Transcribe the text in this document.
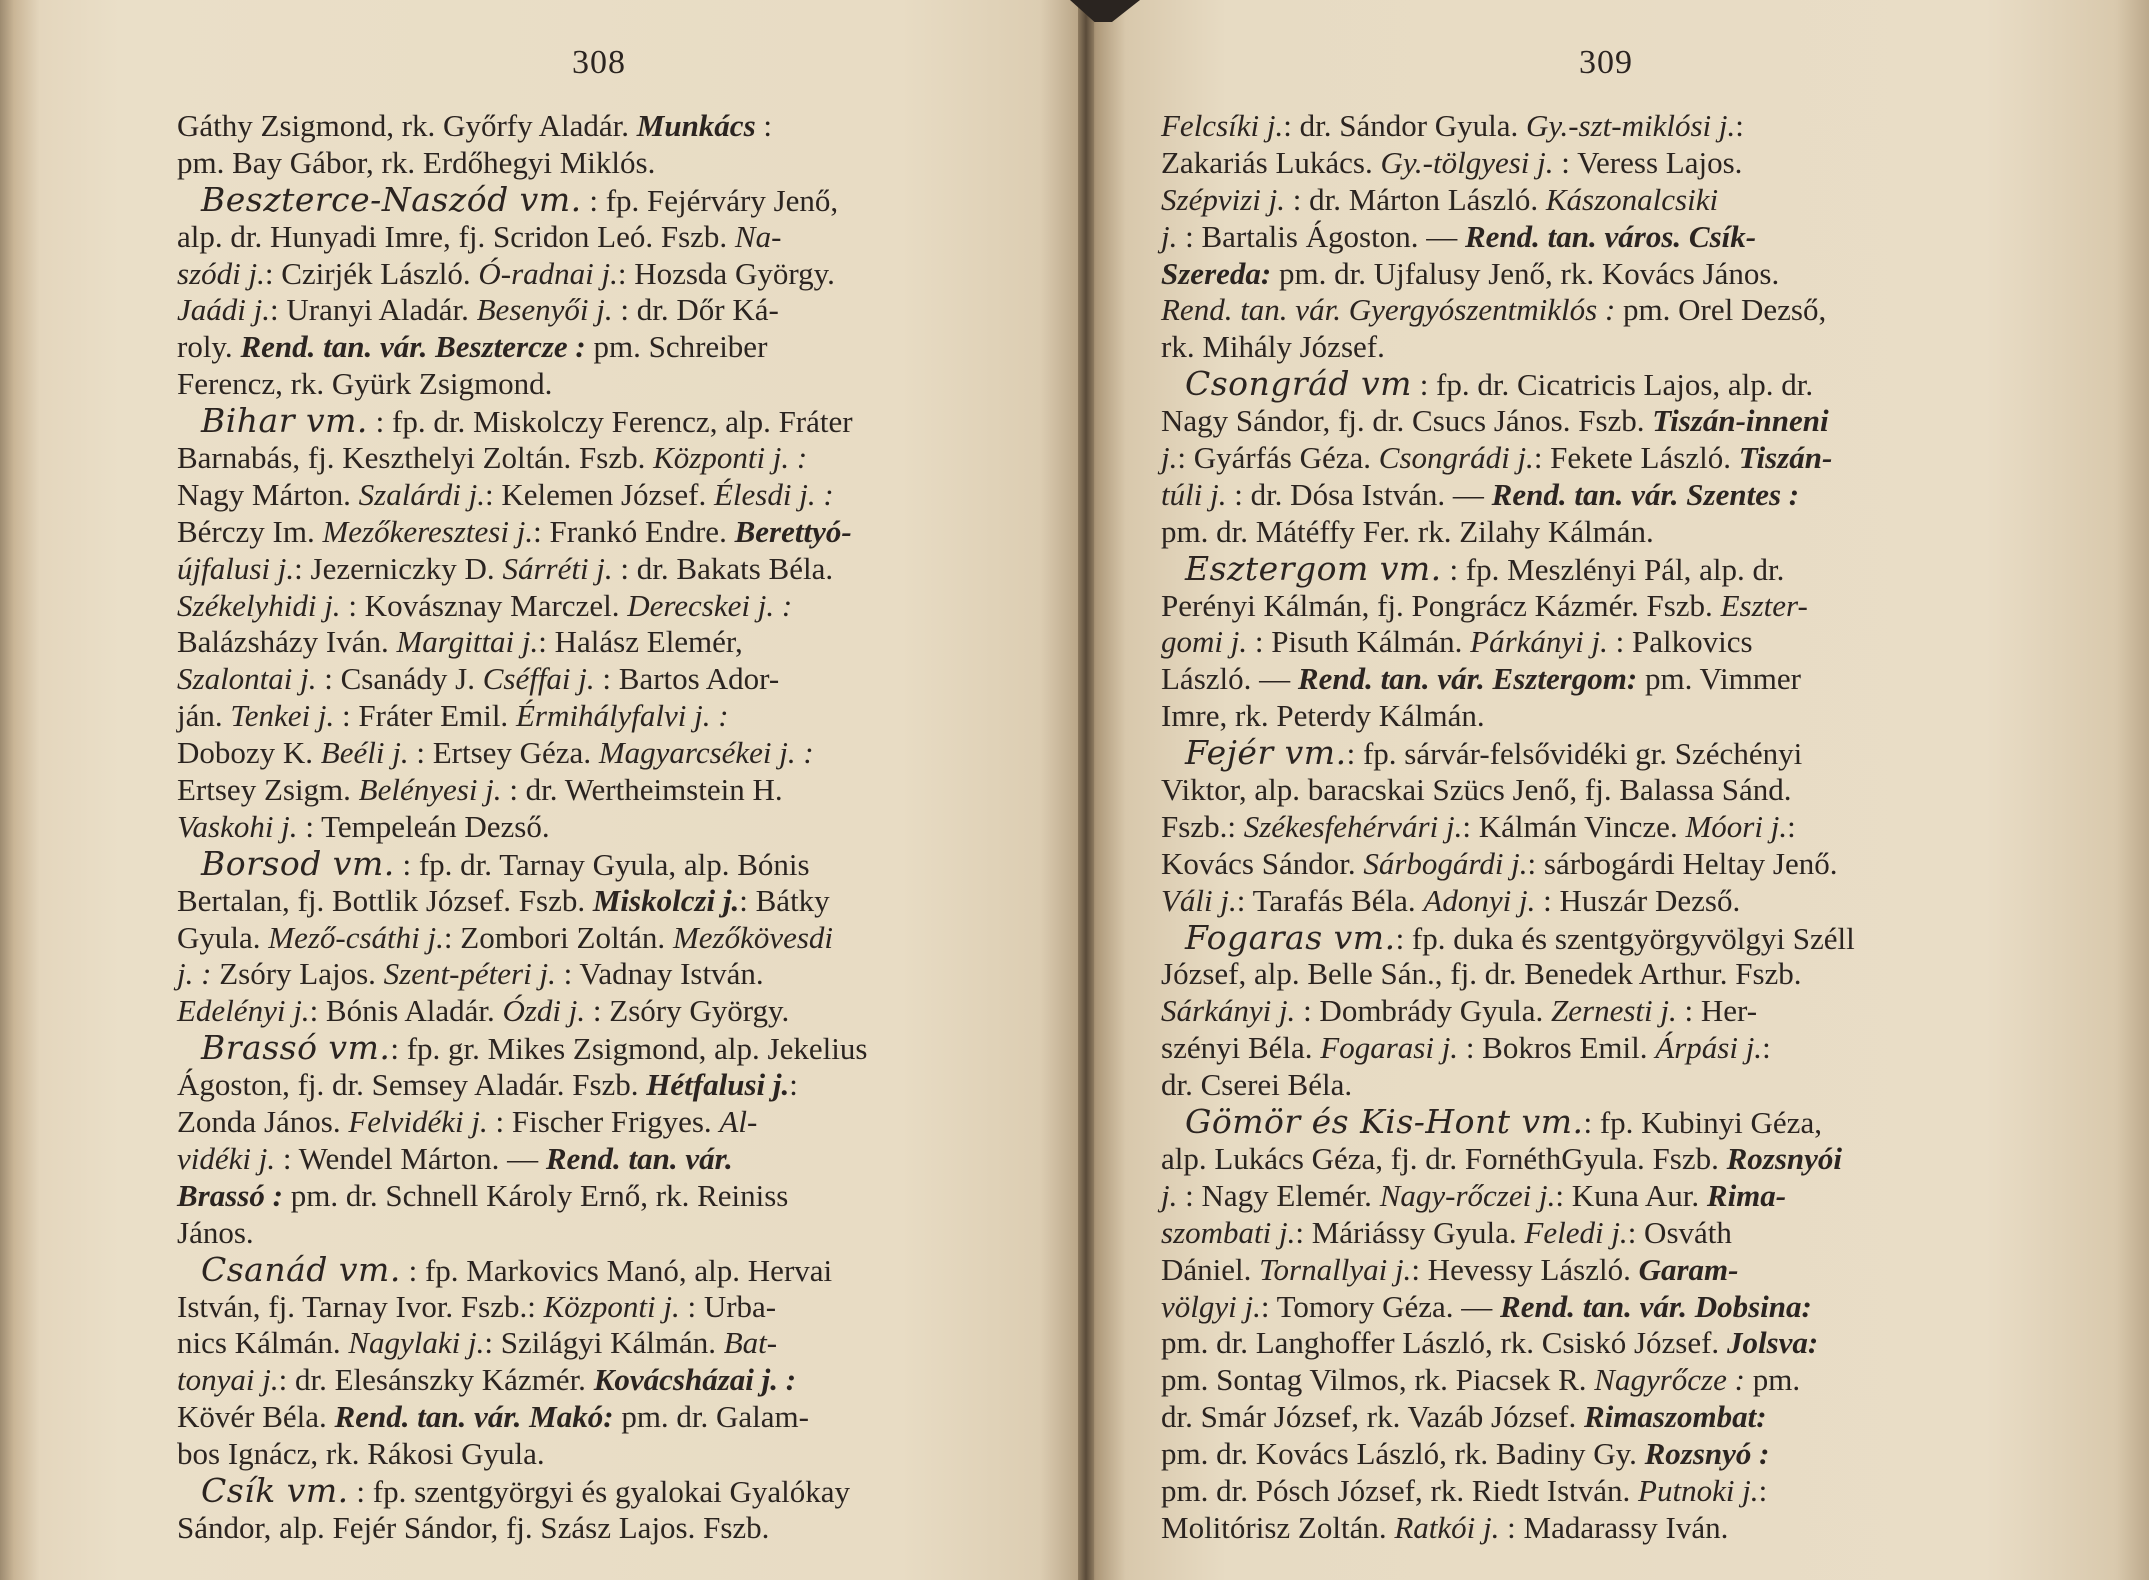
308
Gáthy Zsigmond, rk. Győrfy Aladár. Munkács :
pm. Bay Gábor, rk. Erdőhegyi Miklós.
Beszterce-Naszód vm. : fp. Fejérváry Jenő,
alp. dr. Hunyadi Imre, fj. Scridon Leó. Fszb. Na-
szódi j.: Czirjék László. Ó-radnai j.: Hozsda György.
Jaádi j.: Uranyi Aladár. Besenyői j. : dr. Dőr Ká-
roly. Rend. tan. vár. Besztercze : pm. Schreiber
Ferencz, rk. Gyürk Zsigmond.
Bihar vm. : fp. dr. Miskolczy Ferencz, alp. Fráter
Barnabás, fj. Keszthelyi Zoltán. Fszb. Központi j. :
Nagy Márton. Szalárdi j.: Kelemen József. Élesdi j. :
Bérczy Im. Mezőkeresztesi j.: Frankó Endre. Berettyó-
újfalusi j.: Jezerniczky D. Sárréti j. : dr. Bakats Béla.
Székelyhidi j. : Kovásznay Marczel. Derecskei j. :
Balázsházy Iván. Margittai j.: Halász Elemér,
Szalontai j. : Csanády J. Cséffai j. : Bartos Ador-
ján. Tenkei j. : Fráter Emil. Érmihályfalvi j. :
Dobozy K. Beéli j. : Ertsey Géza. Magyarcsékei j. :
Ertsey Zsigm. Belényesi j. : dr. Wertheimstein H.
Vaskohi j. : Tempeleán Dezső.
Borsod vm. : fp. dr. Tarnay Gyula, alp. Bónis
Bertalan, fj. Bottlik József. Fszb. Miskolczi j.: Bátky
Gyula. Mező-csáthi j.: Zombori Zoltán. Mezőkövesdi
j. : Zsóry Lajos. Szent-péteri j. : Vadnay István.
Edelényi j.: Bónis Aladár. Ózdi j. : Zsóry György.
Brassó vm.: fp. gr. Mikes Zsigmond, alp. Jekelius
Ágoston, fj. dr. Semsey Aladár. Fszb. Hétfalusi j.:
Zonda János. Felvidéki j. : Fischer Frigyes. Al-
vidéki j. : Wendel Márton. — Rend. tan. vár.
Brassó : pm. dr. Schnell Károly Ernő, rk. Reiniss
János.
Csanád vm. : fp. Markovics Manó, alp. Hervai
István, fj. Tarnay Ivor. Fszb.: Központi j. : Urba-
nics Kálmán. Nagylaki j.: Szilágyi Kálmán. Bat-
tonyai j.: dr. Elesánszky Kázmér. Kovácsházai j. :
Kövér Béla. Rend. tan. vár. Makó: pm. dr. Galam-
bos Ignácz, rk. Rákosi Gyula.
Csík vm. : fp. szentgyörgyi és gyalokai Gyalókay
Sándor, alp. Fejér Sándor, fj. Szász Lajos. Fszb.
309
Felcsíki j.: dr. Sándor Gyula. Gy.-szt-miklósi j.:
Zakariás Lukács. Gy.-tölgyesi j. : Veress Lajos.
Szépvizi j. : dr. Márton László. Kászonalcsiki
j. : Bartalis Ágoston. — Rend. tan. város. Csík-
Szereda: pm. dr. Ujfalusy Jenő, rk. Kovács János.
Rend. tan. vár. Gyergyószentmiklós : pm. Orel Dezső,
rk. Mihály József.
Csongrád vm : fp. dr. Cicatricis Lajos, alp. dr.
Nagy Sándor, fj. dr. Csucs János. Fszb. Tiszán-inneni
j.: Gyárfás Géza. Csongrádi j.: Fekete László. Tiszán-
túli j. : dr. Dósa István. — Rend. tan. vár. Szentes :
pm. dr. Mátéffy Fer. rk. Zilahy Kálmán.
Esztergom vm. : fp. Meszlényi Pál, alp. dr.
Perényi Kálmán, fj. Pongrácz Kázmér. Fszb. Eszter-
gomi j. : Pisuth Kálmán. Párkányi j. : Palkovics
László. — Rend. tan. vár. Esztergom: pm. Vimmer
Imre, rk. Peterdy Kálmán.
Fejér vm.: fp. sárvár-felsővidéki gr. Széchényi
Viktor, alp. baracskai Szücs Jenő, fj. Balassa Sánd.
Fszb.: Székesfehérvári j.: Kálmán Vincze. Móori j.:
Kovács Sándor. Sárbogárdi j.: sárbogárdi Heltay Jenő.
Váli j.: Tarafás Béla. Adonyi j. : Huszár Dezső.
Fogaras vm.: fp. duka és szentgyörgyvölgyi Széll
József, alp. Belle Sán., fj. dr. Benedek Arthur. Fszb.
Sárkányi j. : Dombrády Gyula. Zernesti j. : Her-
szényi Béla. Fogarasi j. : Bokros Emil. Árpási j.:
dr. Cserei Béla.
Gömör és Kis-Hont vm.: fp. Kubinyi Géza,
alp. Lukács Géza, fj. dr. FornéthGyula. Fszb. Rozsnyói
j. : Nagy Elemér. Nagy-rőczei j.: Kuna Aur. Rima-
szombati j.: Máriássy Gyula. Feledi j.: Osváth
Dániel. Tornallyai j.: Hevessy László. Garam-
völgyi j.: Tomory Géza. — Rend. tan. vár. Dobsina:
pm. dr. Langhoffer László, rk. Csiskó József. Jolsva:
pm. Sontag Vilmos, rk. Piacsek R. Nagyrőcze : pm.
dr. Smár József, rk. Vazáb József. Rimaszombat:
pm. dr. Kovács László, rk. Badiny Gy. Rozsnyó :
pm. dr. Pósch József, rk. Riedt István. Putnoki j.:
Molitórisz Zoltán. Ratkói j. : Madarassy Iván.
